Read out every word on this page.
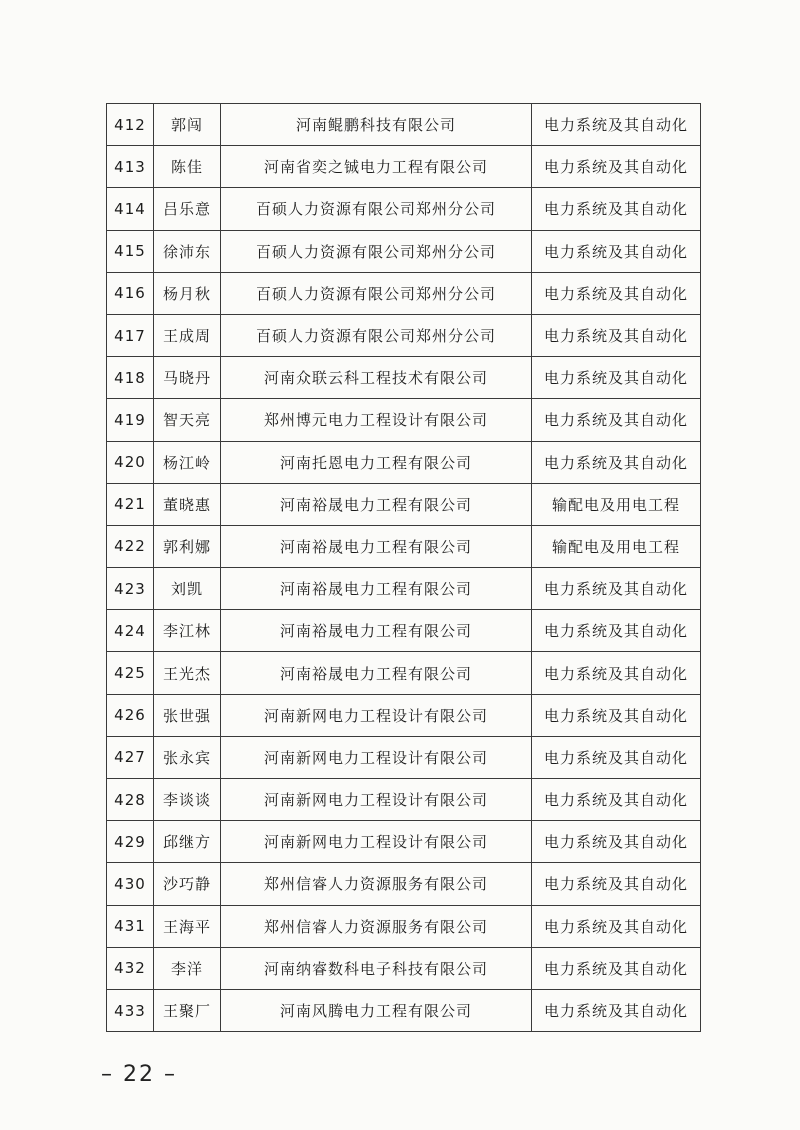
412	郭闯	河南鲲鹏科技有限公司	电力系统及其自动化
413	陈佳	河南省奕之铖电力工程有限公司	电力系统及其自动化
414	吕乐意	百硕人力资源有限公司郑州分公司	电力系统及其自动化
415	徐沛东	百硕人力资源有限公司郑州分公司	电力系统及其自动化
416	杨月秋	百硕人力资源有限公司郑州分公司	电力系统及其自动化
417	王成周	百硕人力资源有限公司郑州分公司	电力系统及其自动化
418	马晓丹	河南众联云科工程技术有限公司	电力系统及其自动化
419	智天亮	郑州博元电力工程设计有限公司	电力系统及其自动化
420	杨江岭	河南托恩电力工程有限公司	电力系统及其自动化
421	董晓惠	河南裕晟电力工程有限公司	输配电及用电工程
422	郭利娜	河南裕晟电力工程有限公司	输配电及用电工程
423	刘凯	河南裕晟电力工程有限公司	电力系统及其自动化
424	李江林	河南裕晟电力工程有限公司	电力系统及其自动化
425	王光杰	河南裕晟电力工程有限公司	电力系统及其自动化
426	张世强	河南新网电力工程设计有限公司	电力系统及其自动化
427	张永宾	河南新网电力工程设计有限公司	电力系统及其自动化
428	李谈谈	河南新网电力工程设计有限公司	电力系统及其自动化
429	邱继方	河南新网电力工程设计有限公司	电力系统及其自动化
430	沙巧静	郑州信睿人力资源服务有限公司	电力系统及其自动化
431	王海平	郑州信睿人力资源服务有限公司	电力系统及其自动化
432	李洋	河南纳睿数科电子科技有限公司	电力系统及其自动化
433	王聚厂	河南风腾电力工程有限公司	电力系统及其自动化
– 22 –
